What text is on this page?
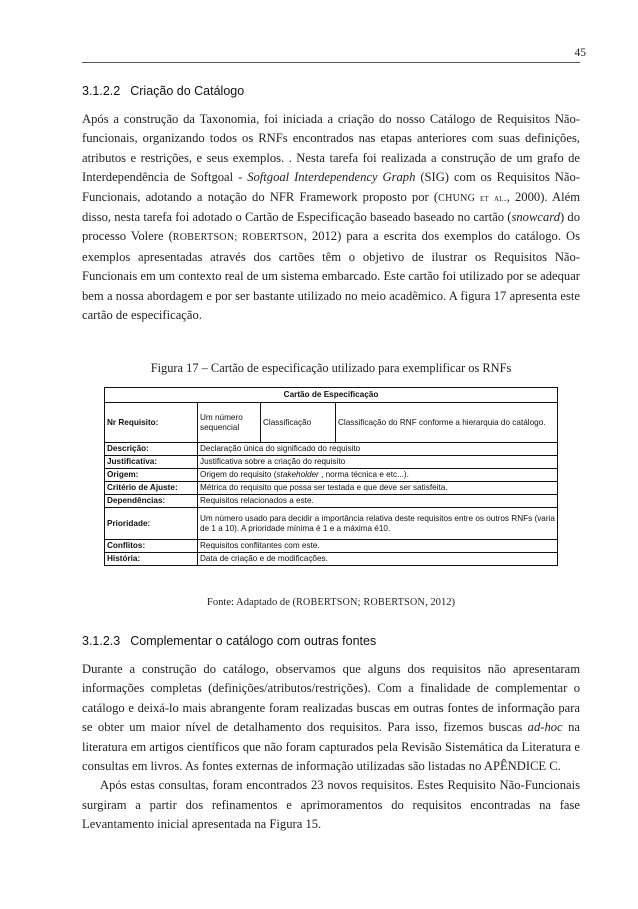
45
3.1.2.2 Criação do Catálogo

Após a construção da Taxonomia, foi iniciada a criação do nosso Catálogo de Requisitos Não-funcionais, organizando todos os RNFs encontrados nas etapas anteriores com suas definições, atributos e restrições, e seus exemplos. . Nesta tarefa foi realizada a construção de um grafo de Interdependência de Softgoal - Softgoal Interdependency Graph (SIG) com os Requisitos Não-Funcionais, adotando a notação do NFR Framework proposto por (CHUNG et al., 2000). Além disso, nesta tarefa foi adotado o Cartão de Especificação baseado baseado no cartão (snowcard) do processo Volere (ROBERTSON; ROBERTSON, 2012) para a escrita dos exemplos do catálogo. Os exemplos apresentadas através dos cartões têm o objetivo de ilustrar os Requisitos Não-Funcionais em um contexto real de um sistema embarcado. Este cartão foi utilizado por se adequar bem a nossa abordagem e por ser bastante utilizado no meio acadêmico. A figura 17 apresenta este cartão de especificação.

Figura 17 – Cartão de especificação utilizado para exemplificar os RNFs
Cartão de Especificação			
Nr Requisito:	Um número sequencial	Classificação	Classificação do RNF conforme a hierarquia do catálogo.
Descrição:	Declaração única do significado do requisito		
Justificativa:	Justificativa sobre a criação do requisito		
Origem:	Origem do requisito (stakeholder , norma técnica e etc...).		
Critério de Ajuste:	Métrica do requisito que possa ser testada e que deve ser satisfeita.		
Dependências:	Requisitos relacionados a este.		
Prioridade:	Um número usado para decidir a importância relativa deste requisitos entre os outros RNFs (varia de 1 a 10). A prioridade mínima é 1 e a máxima é10.		
Conflitos:	Requisitos conflitantes com este.		
História:	Data de criação e de modificações.		
Fonte: Adaptado de (ROBERTSON; ROBERTSON, 2012)
3.1.2.3 Complementar o catálogo com outras fontes

Durante a construção do catálogo, observamos que alguns dos requisitos não apresentaram informações completas (definições/atributos/restrições). Com a finalidade de complementar o catálogo e deixá-lo mais abrangente foram realizadas buscas em outras fontes de informação para se obter um maior nível de detalhamento dos requisitos. Para isso, fizemos buscas ad-hoc na literatura em artigos científicos que não foram capturados pela Revisão Sistemática da Literatura e consultas em livros. As fontes externas de informação utilizadas são listadas no APÊNDICE C.

Após estas consultas, foram encontrados 23 novos requisitos. Estes Requisito Não-Funcionais surgiram a partir dos refinamentos e aprimoramentos do requisitos encontradas na fase Levantamento inicial apresentada na Figura 15.
